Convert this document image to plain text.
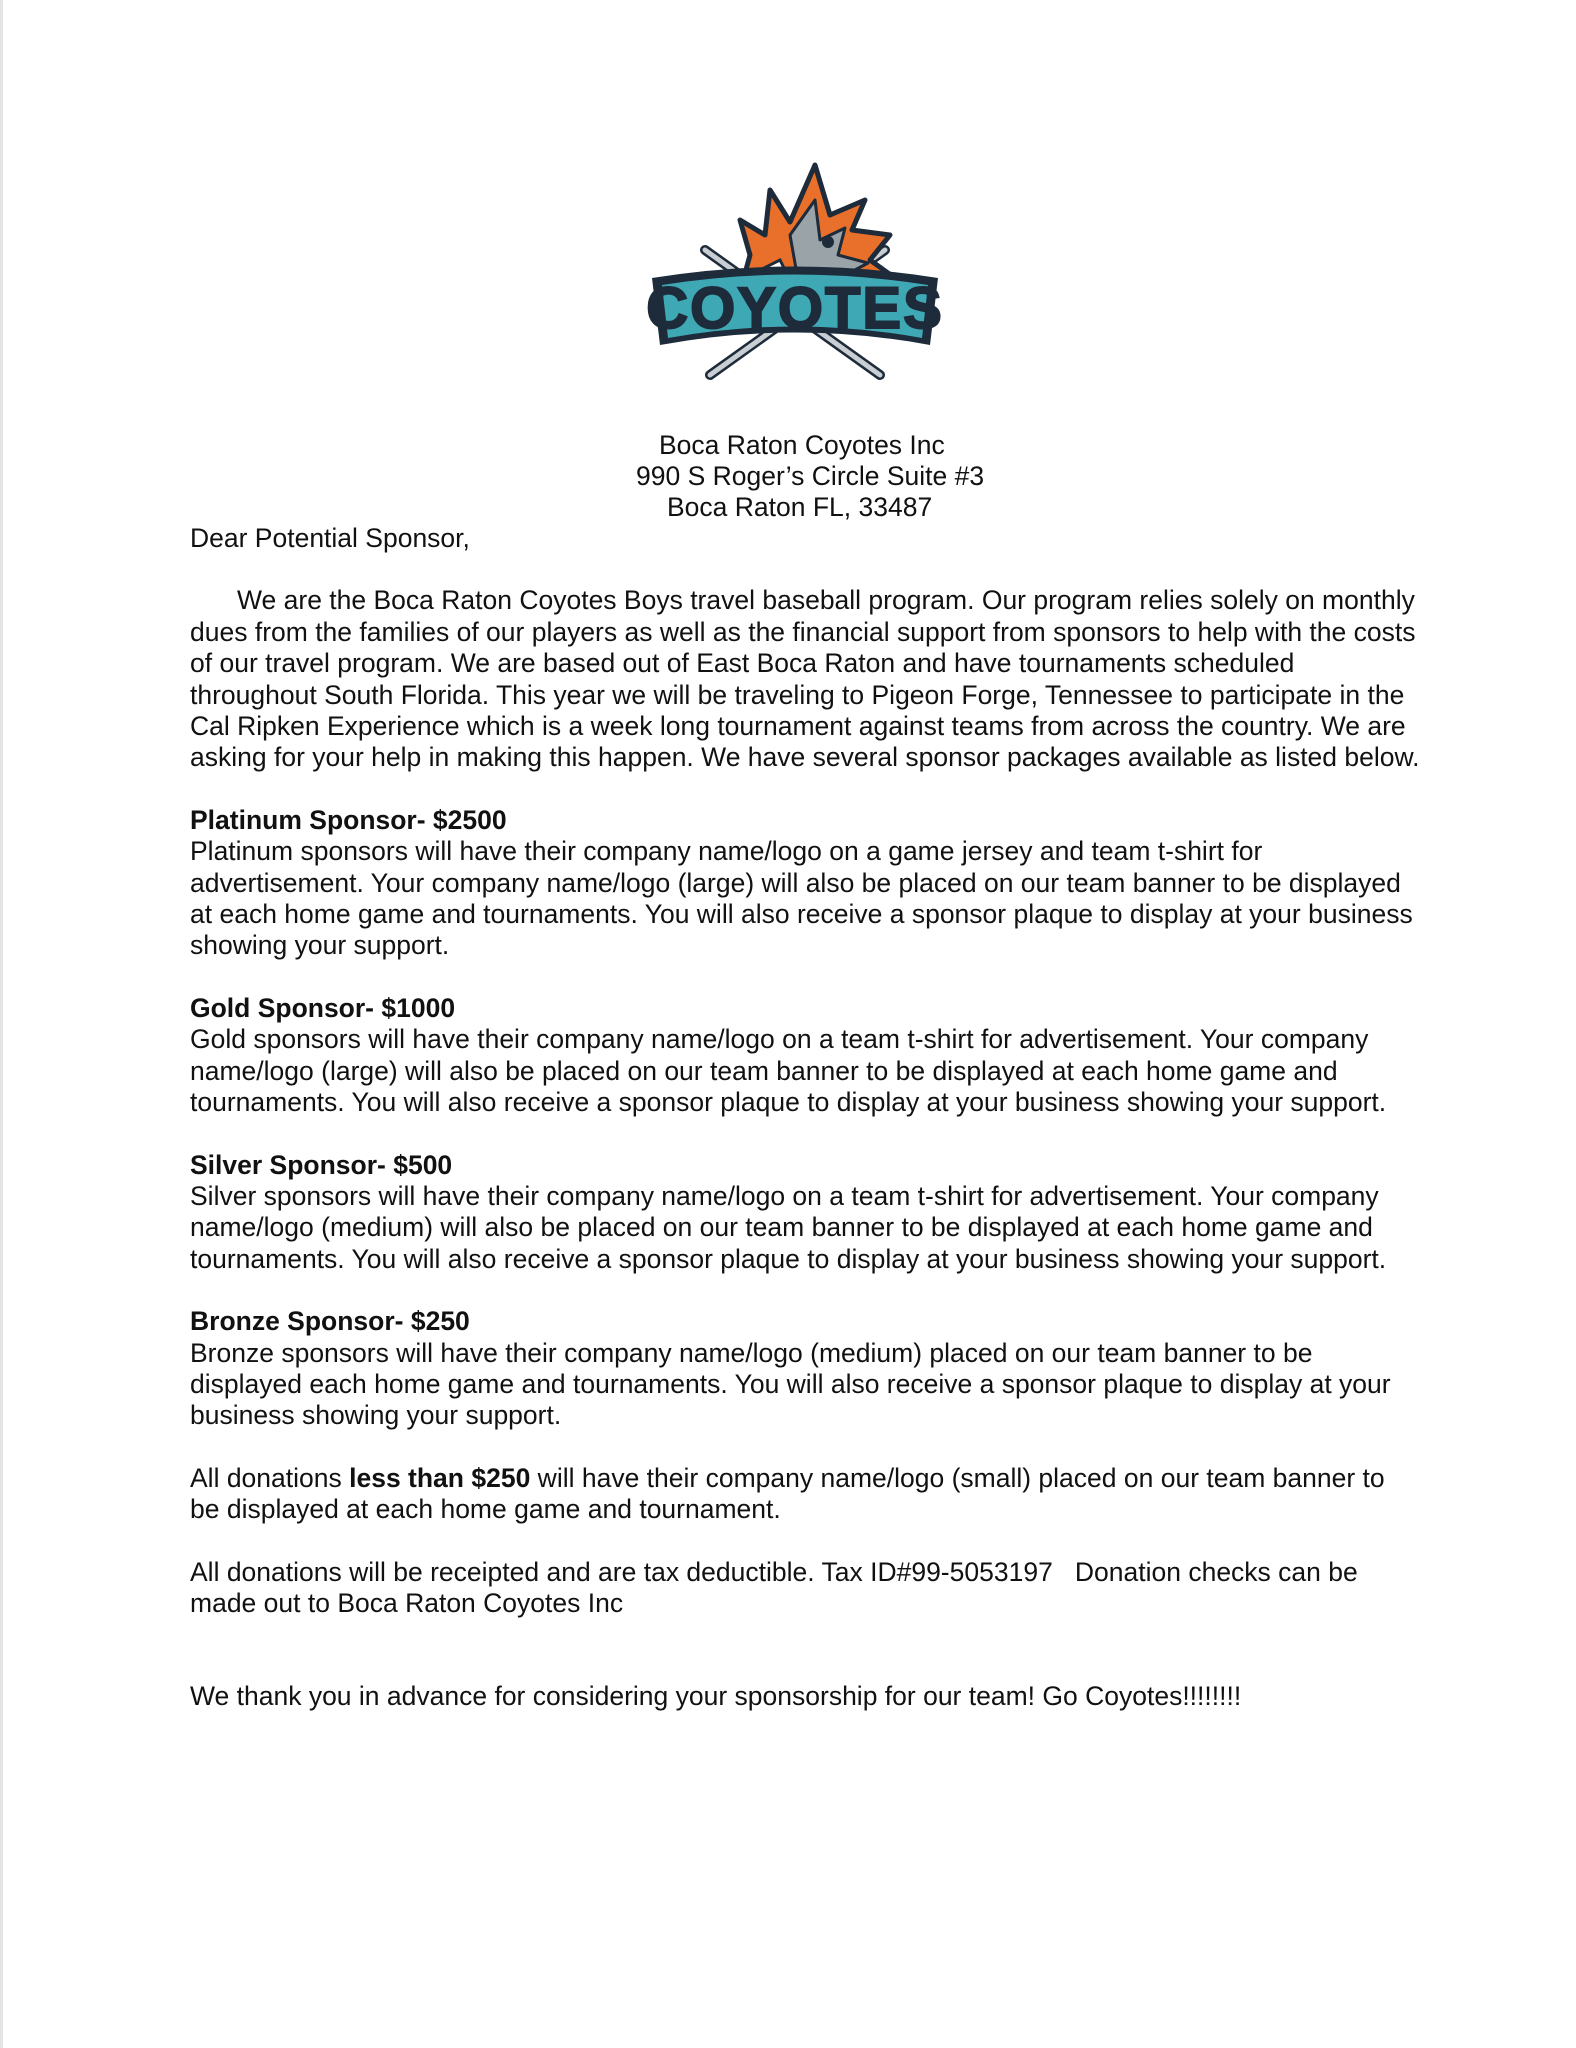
COYOTES
Boca Raton Coyotes Inc
990 S Roger’s Circle Suite #3
Boca Raton FL, 33487

Dear Potential Sponsor,

We are the Boca Raton Coyotes Boys travel baseball program. Our program relies solely on monthly dues from the families of our players as well as the financial support from sponsors to help with the costs of our travel program. We are based out of East Boca Raton and have tournaments scheduled throughout South Florida. This year we will be traveling to Pigeon Forge, Tennessee to participate in the Cal Ripken Experience which is a week long tournament against teams from across the country. We are asking for your help in making this happen. We have several sponsor packages available as listed below.

Platinum Sponsor- $2500

Platinum sponsors will have their company name/logo on a game jersey and team t-shirt for advertisement. Your company name/logo (large) will also be placed on our team banner to be displayed at each home game and tournaments. You will also receive a sponsor plaque to display at your business showing your support.

Gold Sponsor- $1000

Gold sponsors will have their company name/logo on a team t-shirt for advertisement. Your company name/logo (large) will also be placed on our team banner to be displayed at each home game and tournaments. You will also receive a sponsor plaque to display at your business showing your support.

Silver Sponsor- $500

Silver sponsors will have their company name/logo on a team t-shirt for advertisement. Your company name/logo (medium) will also be placed on our team banner to be displayed at each home game and tournaments. You will also receive a sponsor plaque to display at your business showing your support.

Bronze Sponsor- $250

Bronze sponsors will have their company name/logo (medium) placed on our team banner to be displayed each home game and tournaments. You will also receive a sponsor plaque to display at your business showing your support.

All donations less than $250 will have their company name/logo (small) placed on our team banner to be displayed at each home game and tournament.

All donations will be receipted and are tax deductible. Tax ID#99-5053197   Donation checks can be made out to Boca Raton Coyotes Inc

We thank you in advance for considering your sponsorship for our team! Go Coyotes!!!!!!!!
